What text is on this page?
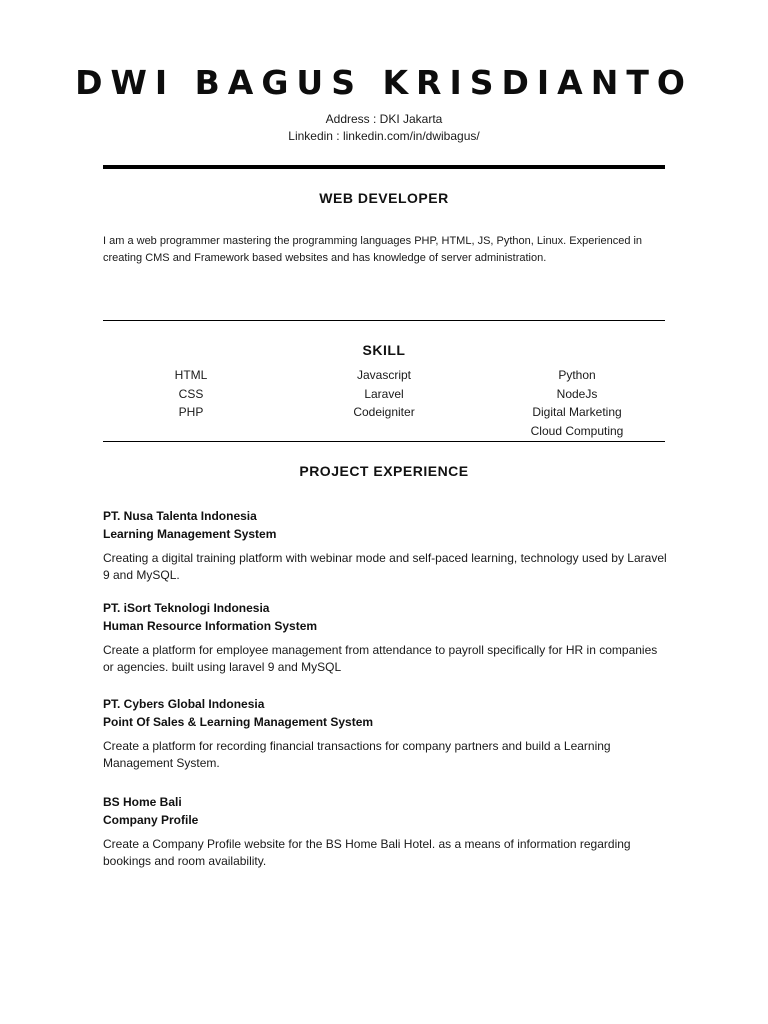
DWI BAGUS KRISDIANTO
Address : DKI Jakarta
Linkedin : linkedin.com/in/dwibagus/
WEB DEVELOPER
I am a web programmer mastering the programming languages PHP, HTML, JS, Python, Linux. Experienced in creating CMS and Framework based websites and has knowledge of server administration.
SKILL
HTML
CSS
PHP
Javascript
Laravel
Codeigniter
Python
NodeJs
Digital Marketing
Cloud Computing
PROJECT EXPERIENCE
PT. Nusa Talenta Indonesia
Learning Management System
Creating a digital training platform with webinar mode and self-paced learning, technology used by Laravel 9 and MySQL.
PT. iSort Teknologi Indonesia
Human Resource Information System
Create a platform for employee management from attendance to payroll specifically for HR in companies or agencies. built using laravel 9 and MySQL
PT. Cybers Global Indonesia
Point Of Sales & Learning Management System
Create a platform for recording financial transactions for company partners and build a Learning Management System.
BS Home Bali
Company Profile
Create a Company Profile website for the BS Home Bali Hotel. as a means of information regarding bookings and room availability.
